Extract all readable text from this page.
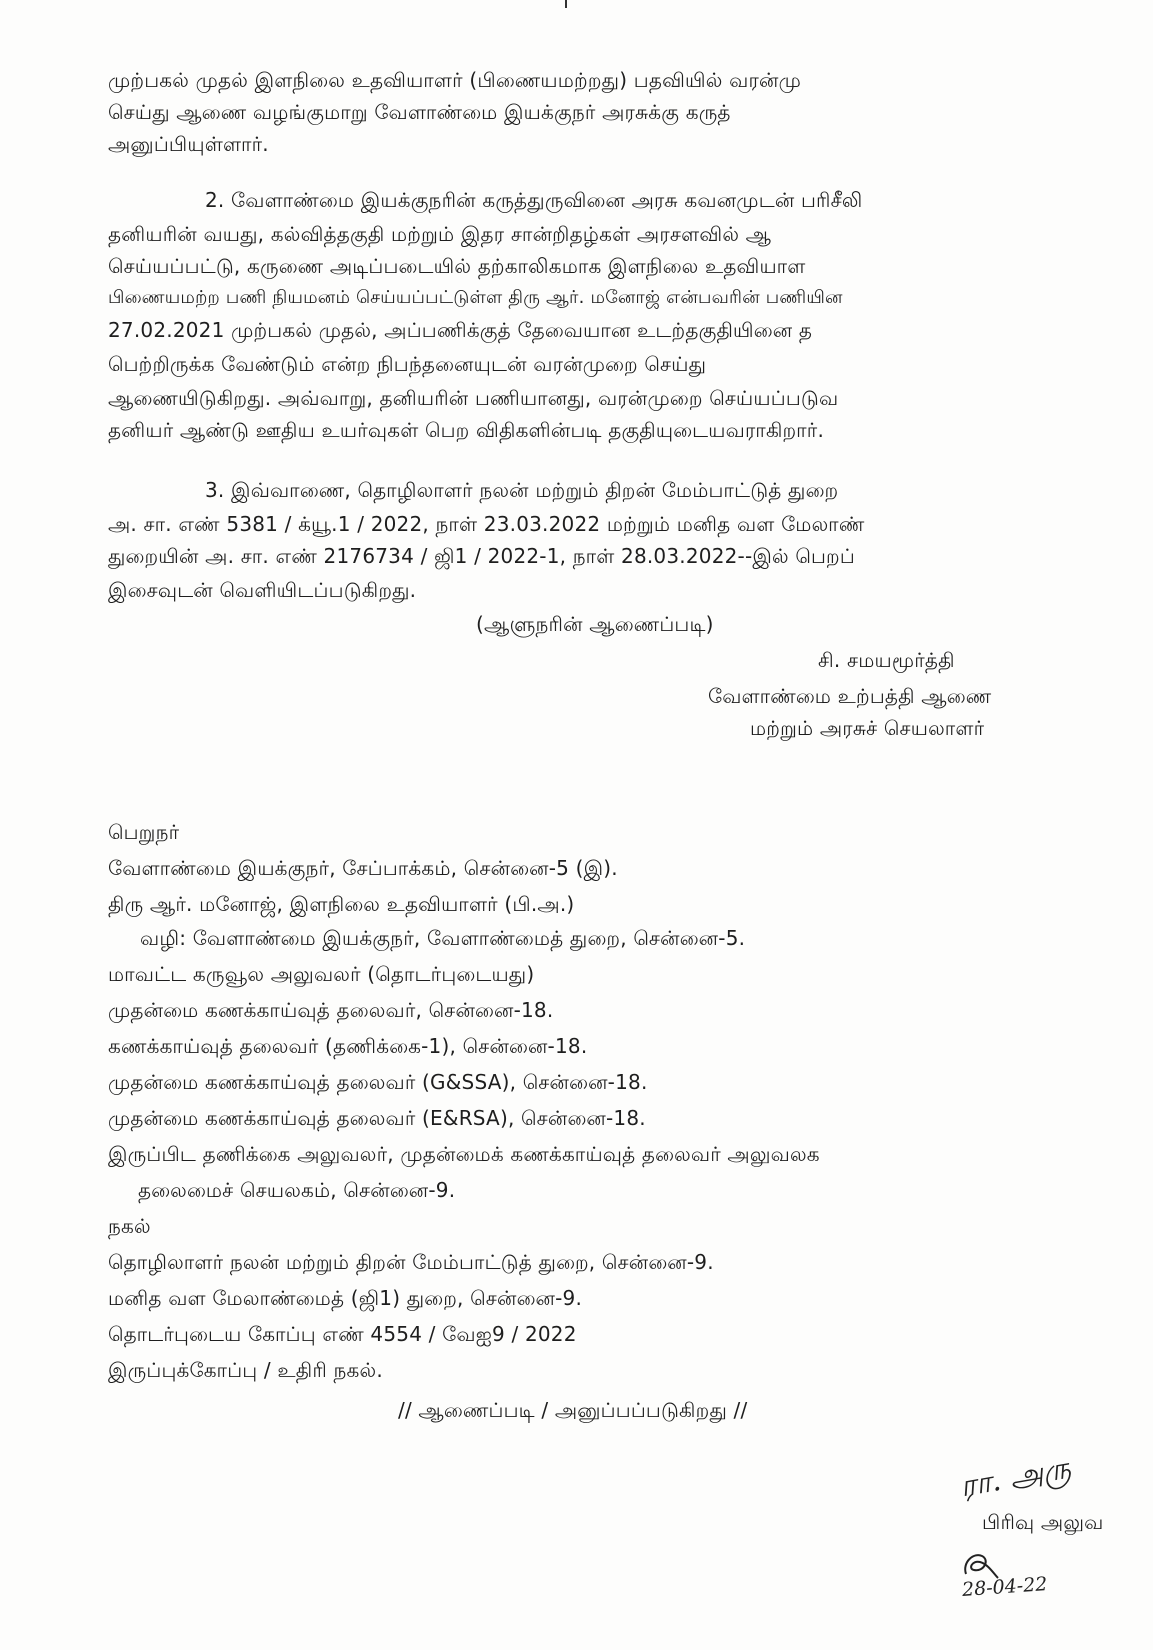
முற்பகல் முதல் இளநிலை உதவியாளர் (பிணையமற்றது) பதவியில் வரன்மு
செய்து ஆணை வழங்குமாறு வேளாண்மை இயக்குநர் அரசுக்கு கருத்
அனுப்பியுள்ளார்.
2. வேளாண்மை இயக்குநரின் கருத்துருவினை அரசு கவனமுடன் பரிசீலி
தனியரின் வயது, கல்வித்தகுதி மற்றும் இதர சான்றிதழ்கள் அரசளவில் ஆ
செய்யப்பட்டு, கருணை அடிப்படையில் தற்காலிகமாக இளநிலை உதவியாள
பிணையமற்ற பணி நியமனம் செய்யப்பட்டுள்ள திரு ஆர். மனோஜ் என்பவரின் பணியின
27.02.2021 முற்பகல் முதல், அப்பணிக்குத் தேவையான உடற்தகுதியினை த
பெற்றிருக்க வேண்டும் என்ற நிபந்தனையுடன் வரன்முறை செய்து
ஆணையிடுகிறது. அவ்வாறு, தனியரின் பணியானது, வரன்முறை செய்யப்படுவ
தனியர் ஆண்டு ஊதிய உயர்வுகள் பெற விதிகளின்படி தகுதியுடையவராகிறார்.
3. இவ்வாணை, தொழிலாளர் நலன் மற்றும் திறன் மேம்பாட்டுத் துறை
அ. சா. எண் 5381 / க்யூ.1 / 2022, நாள் 23.03.2022 மற்றும் மனித வள மேலாண்
துறையின் அ. சா. எண் 2176734 / ஜி1 / 2022-1, நாள் 28.03.2022--இல் பெறப்
இசைவுடன் வெளியிடப்படுகிறது.
(ஆளுநரின் ஆணைப்படி)
சி. சமயமூர்த்தி
வேளாண்மை உற்பத்தி ஆணை
மற்றும் அரசுச் செயலாளர்
பெறுநர்
வேளாண்மை இயக்குநர், சேப்பாக்கம், சென்னை-5 (இ).
திரு ஆர். மனோஜ், இளநிலை உதவியாளர் (பி.அ.)
வழி: வேளாண்மை இயக்குநர், வேளாண்மைத் துறை, சென்னை-5.
மாவட்ட கருவூல அலுவலர் (தொடர்புடையது)
முதன்மை கணக்காய்வுத் தலைவர், சென்னை-18.
கணக்காய்வுத் தலைவர் (தணிக்கை-1), சென்னை-18.
முதன்மை கணக்காய்வுத் தலைவர் (G&SSA), சென்னை-18.
முதன்மை கணக்காய்வுத் தலைவர் (E&RSA), சென்னை-18.
இருப்பிட தணிக்கை அலுவலர், முதன்மைக் கணக்காய்வுத் தலைவர் அலுவலக
தலைமைச் செயலகம், சென்னை-9.
நகல்
தொழிலாளர் நலன் மற்றும் திறன் மேம்பாட்டுத் துறை, சென்னை-9.
மனித வள மேலாண்மைத் (ஜி1) துறை, சென்னை-9.
தொடர்புடைய கோப்பு எண் 4554 / வேஐ9 / 2022
இருப்புக்கோப்பு / உதிரி நகல்.
// ஆணைப்படி / அனுப்பப்படுகிறது //
ரா. அரு
பிரிவு அலுவ
28-04-22
